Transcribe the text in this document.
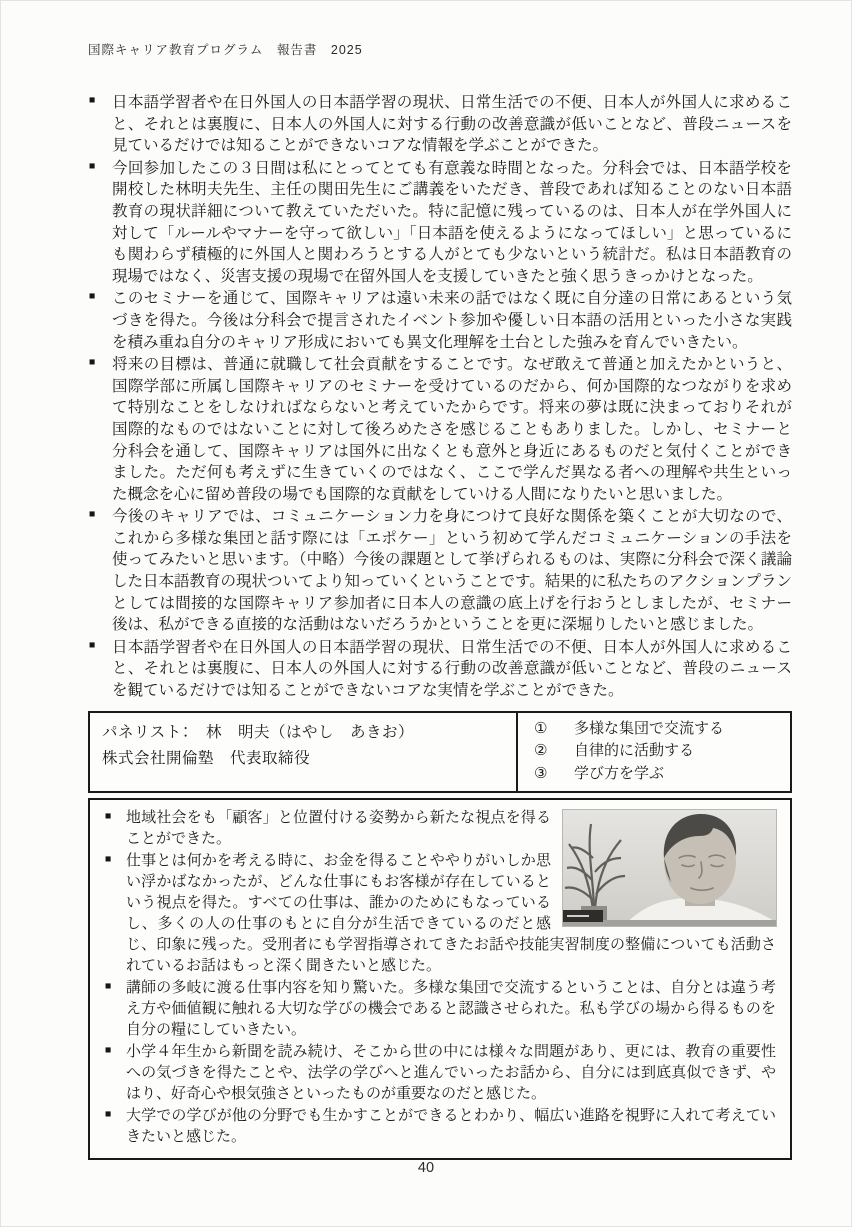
国際キャリア教育プログラム　報告書　2025
■ 日本語学習者や在日外国人の日本語学習の現状、日常生活での不便、日本人が外国人に求めること、それとは裏腹に、日本人の外国人に対する行動の改善意識が低いことなど、普段ニュースを見ているだけでは知ることができないコアな情報を学ぶことができた。
■ 今回参加したこの３日間は私にとってとても有意義な時間となった。分科会では、日本語学校を開校した林明夫先生、主任の関田先生にご講義をいただき、普段であれば知ることのない日本語教育の現状詳細について教えていただいた。特に記憶に残っているのは、日本人が在学外国人に対して「ルールやマナーを守って欲しい」「日本語を使えるようになってほしい」と思っているにも関わらず積極的に外国人と関わろうとする人がとても少ないという統計だ。私は日本語教育の現場ではなく、災害支援の現場で在留外国人を支援していきたと強く思うきっかけとなった。
■ このセミナーを通じて、国際キャリアは遠い未来の話ではなく既に自分達の日常にあるという気づきを得た。今後は分科会で提言されたイベント参加や優しい日本語の活用といった小さな実践を積み重ね自分のキャリア形成においても異文化理解を土台とした強みを育んでいきたい。
■ 将来の目標は、普通に就職して社会貢献をすることです。なぜ敢えて普通と加えたかというと、国際学部に所属し国際キャリアのセミナーを受けているのだから、何か国際的なつながりを求めて特別なことをしなければならないと考えていたからです。将来の夢は既に決まっておりそれが国際的なものではないことに対して後ろめたさを感じることもありました。しかし、セミナーと分科会を通して、国際キャリアは国外に出なくとも意外と身近にあるものだと気付くことができました。ただ何も考えずに生きていくのではなく、ここで学んだ異なる者への理解や共生といった概念を心に留め普段の場でも国際的な貢献をしていける人間になりたいと思いました。
■ 今後のキャリアでは、コミュニケーション力を身につけて良好な関係を築くことが大切なので、これから多様な集団と話す際には「エポケー」という初めて学んだコミュニケーションの手法を使ってみたいと思います。（中略）今後の課題として挙げられるものは、実際に分科会で深く議論した日本語教育の現状ついてより知っていくということです。結果的に私たちのアクションプランとしては間接的な国際キャリア参加者に日本人の意識の底上げを行おうとしましたが、セミナー後は、私ができる直接的な活動はないだろうかということを更に深堀りしたいと感じました。
■ 日本語学習者や在日外国人の日本語学習の現状、日常生活での不便、日本人が外国人に求めること、それとは裏腹に、日本人の外国人に対する行動の改善意識が低いことなど、普段のニュースを観ているだけでは知ることができないコアな実情を学ぶことができた。
パネリスト：　林　明夫（はやし　あきお）
株式会社開倫塾　代表取締役
①	多様な集団で交流する
②	自律的に活動する
③	学び方を学ぶ
■ 地域社会をも「顧客」と位置付ける姿勢から新たな視点を得ることができた。
■ 仕事とは何かを考える時に、お金を得ることややりがいしか思い浮かばなかったが、どんな仕事にもお客様が存在しているという視点を得た。すべての仕事は、誰かのためにもなっているし、多くの人の仕事のもとに自分が生活できているのだと感じ、印象に残った。受刑者にも学習指導されてきたお話や技能実習制度の整備についても活動されているお話はもっと深く聞きたいと感じた。
■ 講師の多岐に渡る仕事内容を知り驚いた。多様な集団で交流するということは、自分とは違う考え方や価値観に触れる大切な学びの機会であると認識させられた。私も学びの場から得るものを自分の糧にしていきたい。
■ 小学４年生から新聞を読み続け、そこから世の中には様々な問題があり、更には、教育の重要性への気づきを得たことや、法学の学びへと進んでいったお話から、自分には到底真似できず、やはり、好奇心や根気強さといったものが重要なのだと感じた。
■ 大学での学びが他の分野でも生かすことができるとわかり、幅広い進路を視野に入れて考えていきたいと感じた。
40
